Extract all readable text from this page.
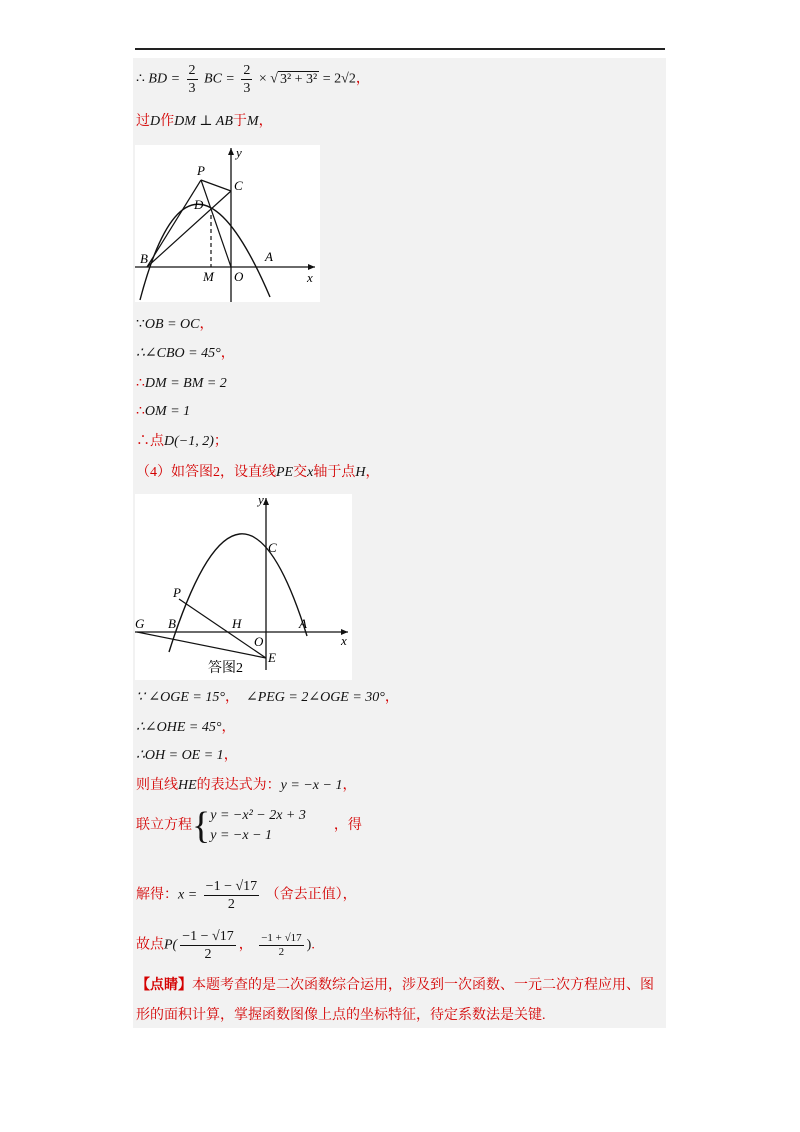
∴ BD = $\frac{2}{3}$ BC = $\frac{2}{3}$ × √ 3² + 3² = 2√2，
过D作DM ⊥ AB于M，
y
x
P
C
D
B
M O
A
∵OB = OC，
∴∠CBO = 45°，
∴DM = BM = 2
∴OM = 1
∴点D(−1, 2)；
（4）如答图2，设直线PE交x轴于点H，
y
x
C
P
G B	H	A
O
E
答图2
∵ ∠OGE = 15°， ∠PEG = 2∠OGE = 30°，
∴∠OHE = 45°，
∴OH = OE = 1，
则直线HE的表达式为：y = −x − 1，
联立方程{ y = −x² − 2x + 3
y = −x − 1
，得
解得：$x = \frac{-1 - √17}{2}$ （舍去正值），
故点$P( \frac{-1 - √17}{2}$ ， $\frac{-1 + √17}{2}$ ).
【点睛】本题考查的是二次函数综合运用，涉及到一次函数、一元二次方程应用、图
形的面积计算，掌握函数图像上点的坐标特征，待定系数法是关键.
